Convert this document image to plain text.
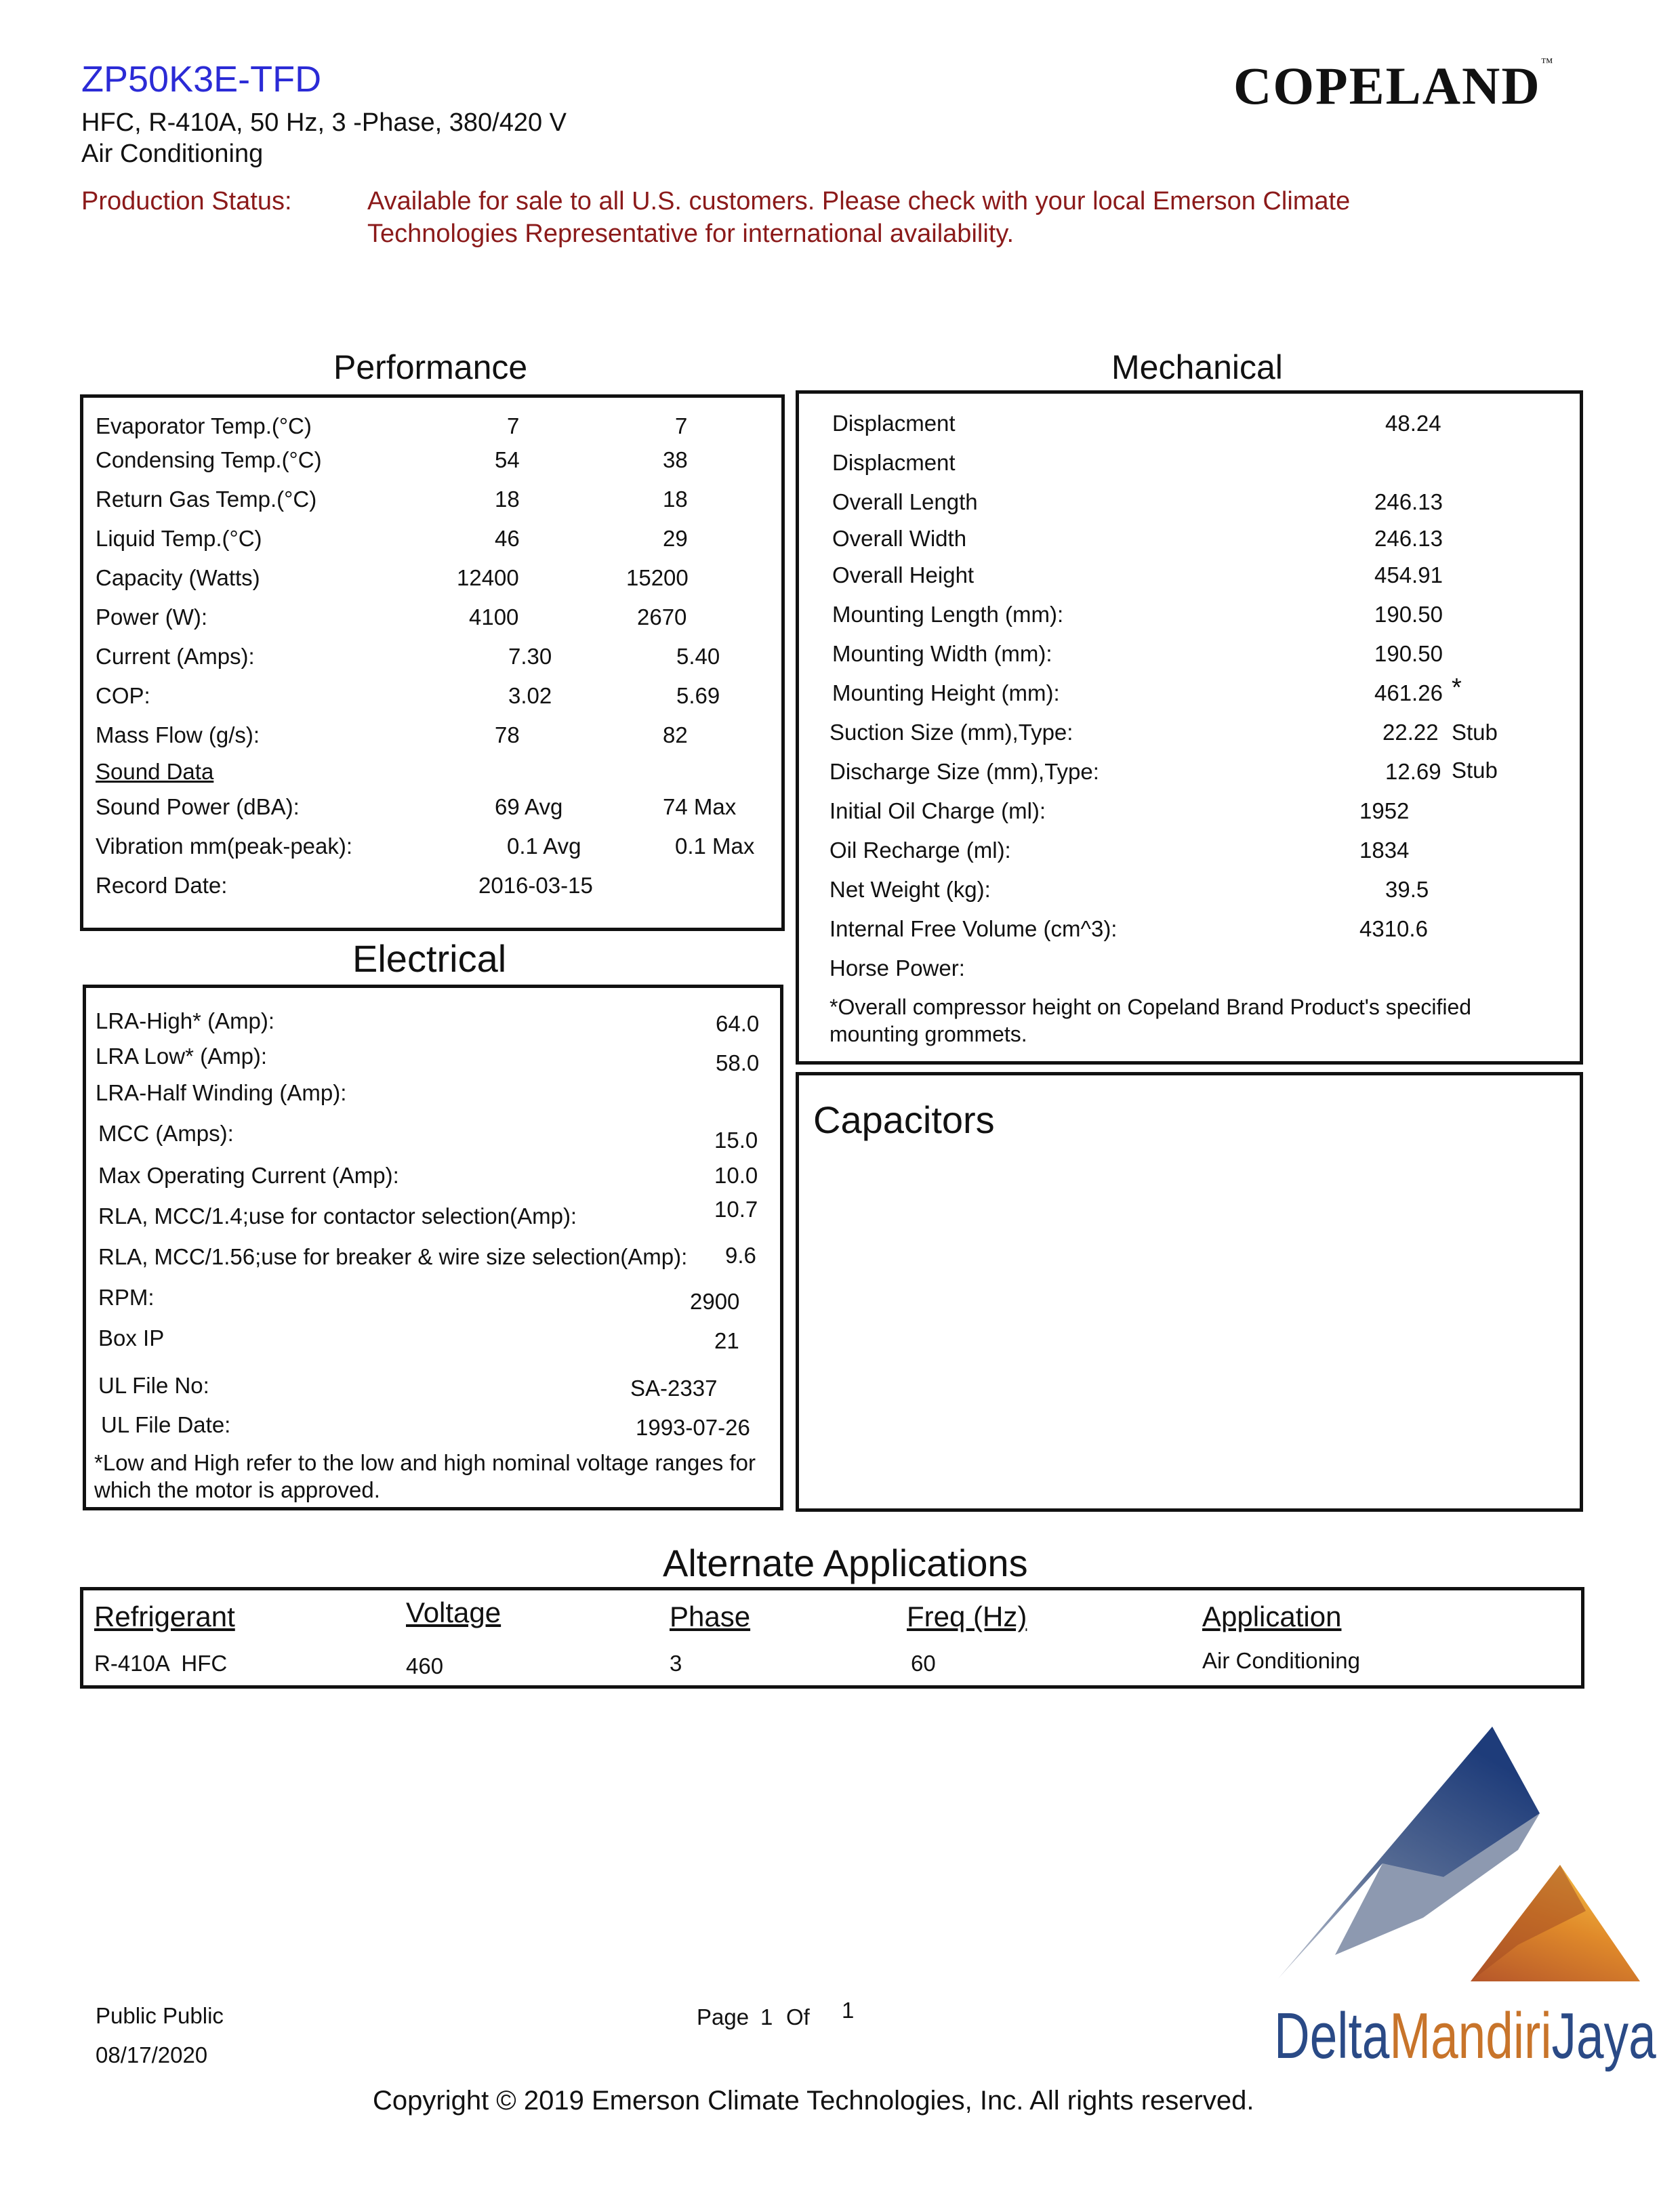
ZP50K3E-TFD
HFC, R-410A, 50 Hz, 3 -Phase, 380/420 V
Air Conditioning
Production Status:	Available for sale to all U.S. customers. Please check with your local Emerson Climate
Technologies Representative for international availability.
COPELAND™
Performance
Evaporator Temp.(°C)	7	7
Condensing Temp.(°C)	54	38
Return Gas Temp.(°C)	18	18
Liquid Temp.(°C)	46	29
Capacity (Watts)	12400	15200
Power (W):	4100	2670
Current (Amps):	7.30	5.40
COP:	3.02	5.69
Mass Flow (g/s):	78	82
Sound Data
Sound Power (dBA):	69 Avg	74 Max
Vibration mm(peak-peak):	0.1 Avg	0.1 Max
Record Date:	2016-03-15
Mechanical
Displacment	48.24
Displacment
Overall Length	246.13
Overall Width	246.13
Overall Height	454.91
Mounting Length (mm):	190.50
Mounting Width (mm):	190.50
Mounting Height (mm):	461.26 *
Suction Size (mm),Type:	22.22 Stub
Discharge Size (mm),Type:	12.69 Stub
Initial Oil Charge (ml):	1952
Oil Recharge (ml):	1834
Net Weight (kg):	39.5
Internal Free Volume (cm^3):	4310.6
Horse Power:
*Overall compressor height on Copeland Brand Product's specified
mounting grommets.
Electrical
LRA-High* (Amp):	64.0
LRA Low* (Amp):	58.0
LRA-Half Winding (Amp):
MCC (Amps):	15.0
Max Operating Current (Amp):	10.0
RLA, MCC/1.4;use for contactor selection(Amp):	10.7
RLA, MCC/1.56;use for breaker & wire size selection(Amp): 9.6
RPM:	2900
Box IP	21
UL File No:	SA-2337
UL File Date:	1993-07-26
*Low and High refer to the low and high nominal voltage ranges for
which the motor is approved.
Capacitors
Alternate Applications
Refrigerant	Voltage	Phase	Freq (Hz)	Application
R-410A  HFC	460	3	60	Air Conditioning
DeltaMandiriJaya
Public Public
08/17/2020
Page 1 Of 1
Copyright © 2019 Emerson Climate Technologies, Inc. All rights reserved.
